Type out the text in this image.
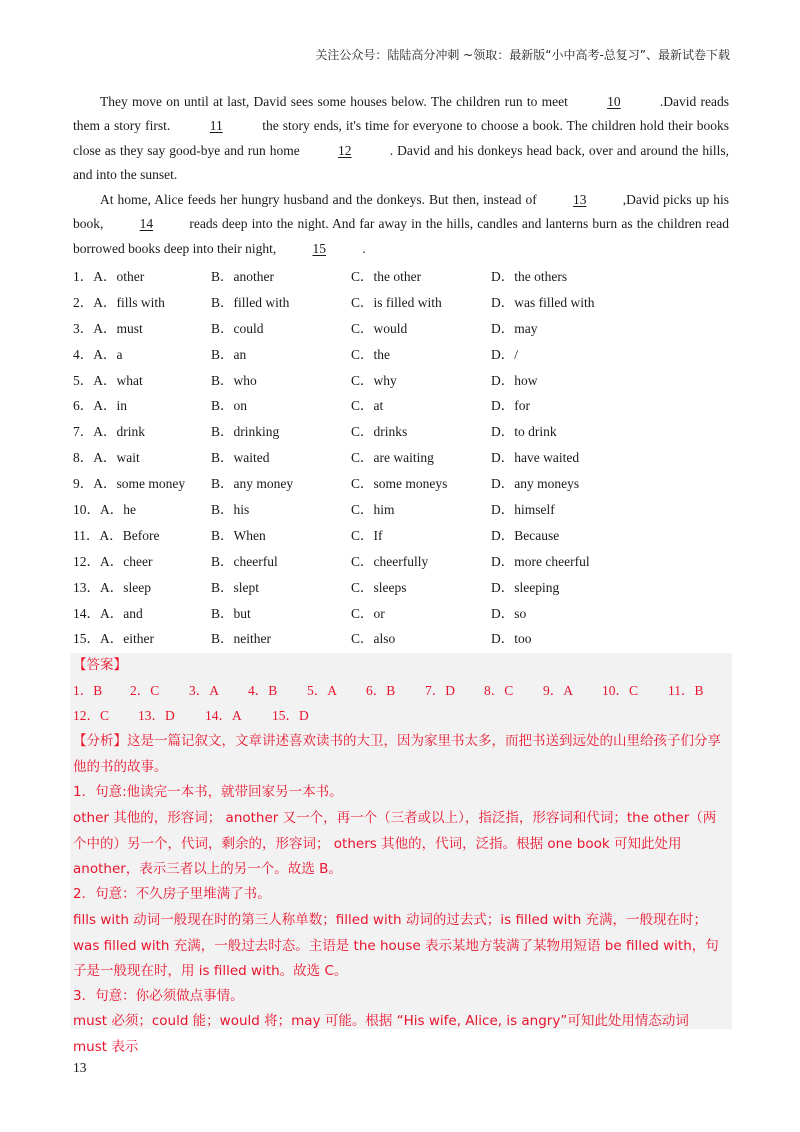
关注公众号：陆陆高分冲刺 ~领取：最新版“小中高考-总复习”、最新试卷下载
They move on until at last, David sees some houses below. The children run to meet	10	.David reads them a story first.	11	the story ends, it's time for everyone to choose a book. The children hold their books close as they say good-bye and run home	12	. David and his donkeys head back, over and around the hills, and into the sunset.
At home, Alice feeds her hungry husband and the donkeys. But then, instead of	13	,David picks up his book,	14	reads deep into the night. And far away in the hills, candles and lanterns burn as the children read borrowed books deep into their night,	15	.
1．A．other	B．another	C．the other	D．the others
2．A．fills with	B．filled with	C．is filled with	D．was filled with
3．A．must	B．could	C．would	D．may
4．A．a	B．an	C．the	D．/
5．A．what	B．who	C．why	D．how
6．A．in	B．on	C．at	D．for
7．A．drink	B．drinking	C．drinks	D．to drink
8．A．wait	B．waited	C．are waiting	D．have waited
9．A．some money B．any money	C．some moneys	D．any moneys
10．A．he	B．his	C．him	D．himself
11．A．Before	B．When	C．If	D．Because
12．A．cheer	B．cheerful	C．cheerfully	D．more cheerful
13．A．sleep	B．slept	C．sleeps	D．sleeping
14．A．and	B．but	C．or	D．so
15．A．either	B．neither	C．also	D．too
【答案】
1．B 2．C 3．A 4．B 5．A 6．B 7．D 8．C 9．A 10．C 11．B
12．C 13．D 14．A 15．D
【分析】这是一篇记叙文，文章讲述喜欢读书的大卫，因为家里书太多，而把书送到远处的山里给孩子们分享他的书的故事。
1．句意:他读完一本书，就带回家另一本书。
other 其他的，形容词； another 又一个，再一个（三者或以上），指泛指，形容词和代词；the other（两个中的）另一个，代词，剩余的，形容词； others 其他的，代词，泛指。根据 one book 可知此处用 another，表示三者以上的另一个。故选 B。
2．句意：不久房子里堆满了书。
fills with 动词一般现在时的第三人称单数；filled with 动词的过去式；is filled with 充满，一般现在时；was filled with 充满，一般过去时态。主语是 the house 表示某地方装满了某物用短语 be filled with，句子是一般现在时，用 is filled with。故选 C。
3．句意：你必须做点事情。
must 必须；could 能；would 将；may 可能。根据 “His wife, Alice, is angry”可知此处用情态动词 must 表示
13
